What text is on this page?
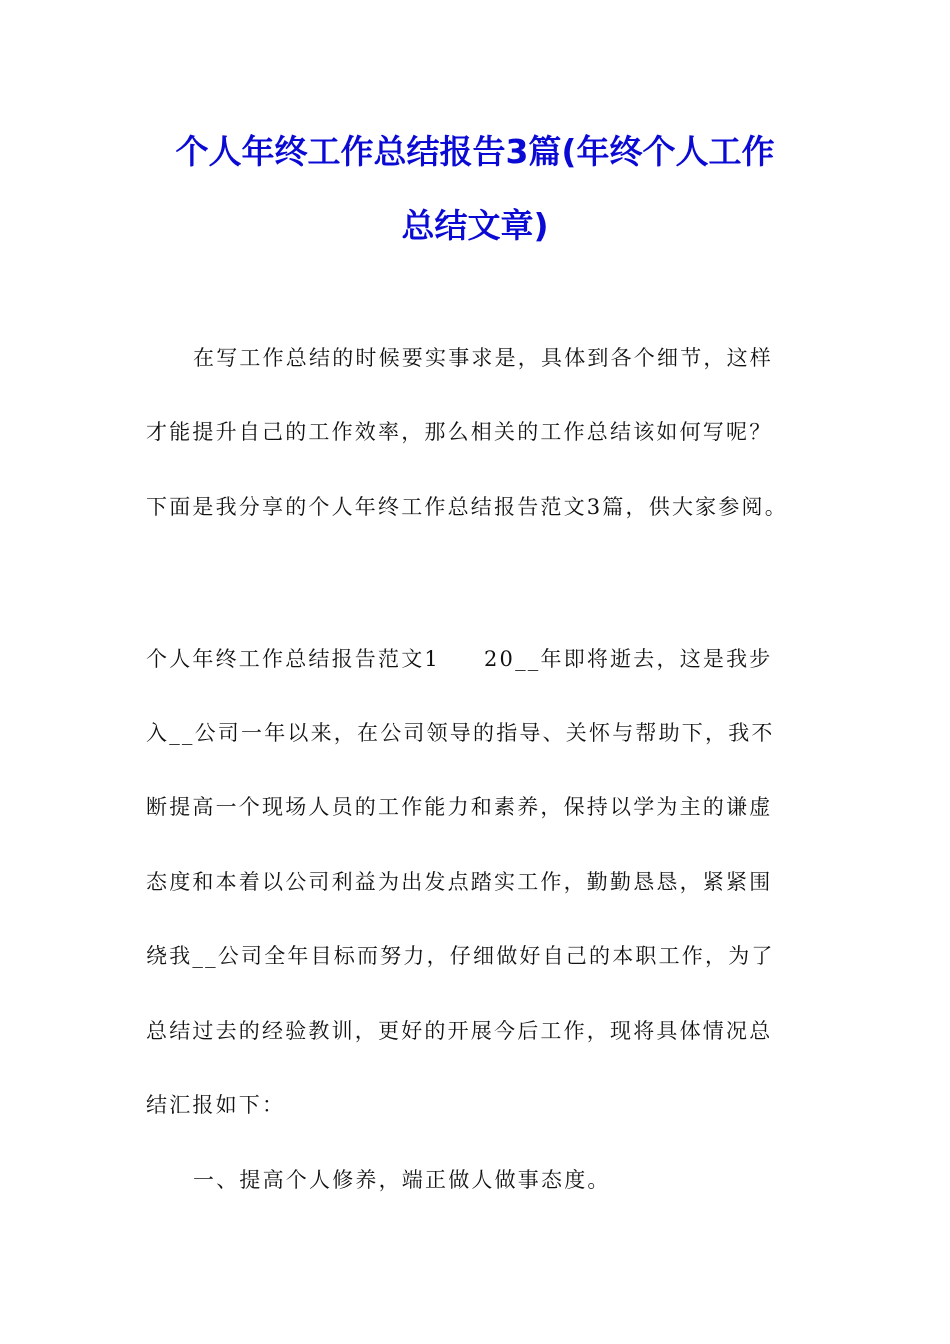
个人年终工作总结报告3篇(年终个人工作
总结文章)

在写工作总结的时候要实事求是，具体到各个细节，这样

才能提升自己的工作效率，那么相关的工作总结该如何写呢？

下面是我分享的个人年终工作总结报告范文3篇，供大家参阅。

个人年终工作总结报告范文1 20__年即将逝去，这是我步

入__公司一年以来，在公司领导的指导、关怀与帮助下，我不

断提高一个现场人员的工作能力和素养，保持以学为主的谦虚

态度和本着以公司利益为出发点踏实工作，勤勤恳恳，紧紧围

绕我__公司全年目标而努力，仔细做好自己的本职工作，为了

总结过去的经验教训，更好的开展今后工作，现将具体情况总

结汇报如下：

一、提高个人修养，端正做人做事态度。
